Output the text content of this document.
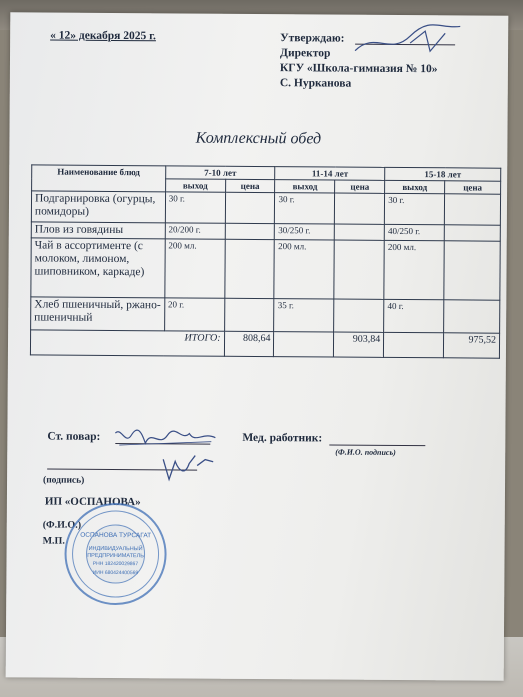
« 12» декабря 2025 г.	Утверждаю:
Директор
КГУ «Школа-гимназия № 10»
С. Нурканова
Комплексный обед
Наименование блюд	7-10 лет		11-14 лет		15-18 лет	
	выход	цена	выход	цена	выход	цена
Подгарнировка (огурцы, помидоры)	30 г.		30 г.		30 г.	
Плов из говядины	20/200 г.		30/250 г.		40/250 г.	
Чай в ассортименте (с молоком, лимоном, шиповником, каркаде)	200 мл.		200 мл.		200 мл.	
Хлеб пшеничный, ржано-пшеничный	20 г.		35 г.		40 г.	
ИТОГО:		808,64		903,84		975,52
Ст. повар:	Мед. работник:
(Ф.И.О. подпись)
(подпись)
ИП «ОСПАНОВА»
(Ф.И.О.)
М.П. ОСПАНОВА ТУРСАГАТ
ИНДИВИДУАЛЬНЫЙ
ПРЕДПРИНИМАТЕЛЬ
РНН 182420029867
ИИН 680424400569
